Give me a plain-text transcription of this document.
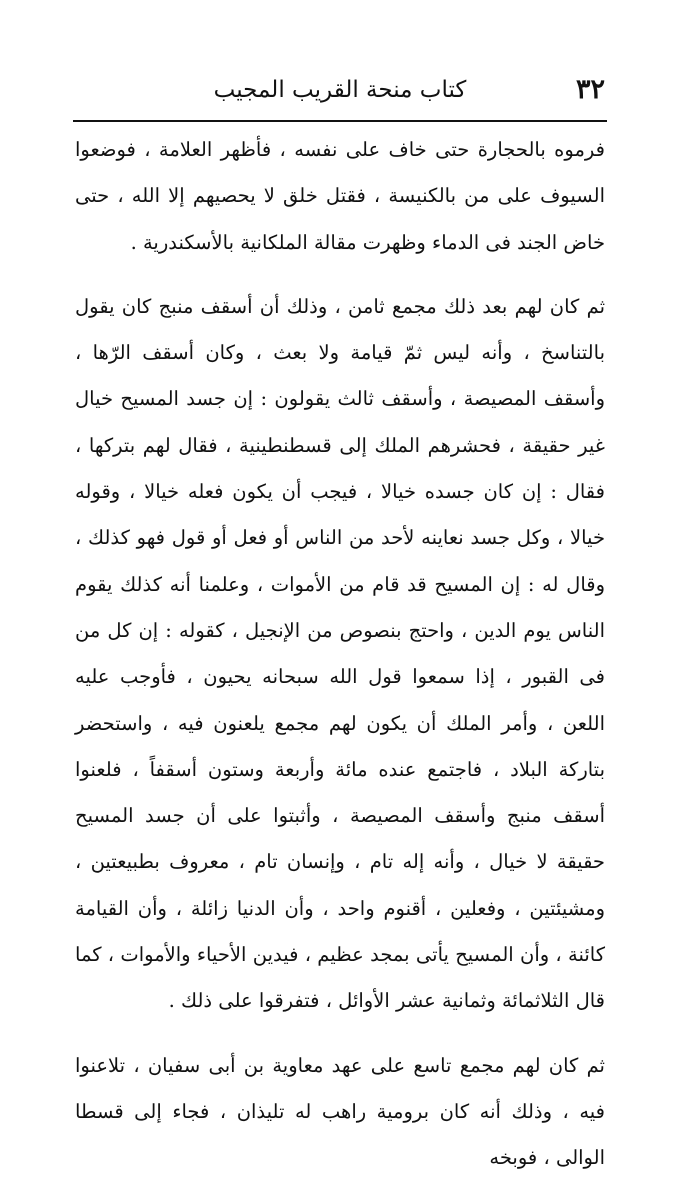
٣٢
كتاب منحة القريب المجيب

فرموه بالحجارة حتى خاف على نفسه ، فأظهر العلامة ، فوضعوا السيوف على من بالكنيسة ، فقتل خلق لا يحصيهم إلا الله ، حتى خاض الجند فى الدماء وظهرت مقالة الملكانية بالأسكندرية .

ثم كان لهم بعد ذلك مجمع ثامن ، وذلك أن أسقف منبج كان يقول بالتناسخ ، وأنه ليس ثمّ قيامة ولا بعث ، وكان أسقف الرّها ، وأسقف المصيصة ، وأسقف ثالث يقولون : إن جسد المسيح خيال غير حقيقة ، فحشرهم الملك إلى قسطنطينية ، فقال لهم بتركها ، فقال : إن كان جسده خيالا ، فيجب أن يكون فعله خيالا ، وقوله خيالا ، وكل جسد نعاينه لأحد من الناس أو فعل أو قول فهو كذلك ، وقال له : إن المسيح قد قام من الأموات ، وعلمنا أنه كذلك يقوم الناس يوم الدين ، واحتج بنصوص من الإنجيل ، كقوله : إن كل من فى القبور ، إذا سمعوا قول الله سبحانه يحيون ، فأوجب عليه اللعن ، وأمر الملك أن يكون لهم مجمع يلعنون فيه ، واستحضر بتاركة البلاد ، فاجتمع عنده مائة وأربعة وستون أسقفاً ، فلعنوا أسقف منبج وأسقف المصيصة ، وأثبتوا على أن جسد المسيح حقيقة لا خيال ، وأنه إله تام ، وإنسان تام ، معروف بطبيعتين ، ومشيئتين ، وفعلين ، أقنوم واحد ، وأن الدنيا زائلة ، وأن القيامة كائنة ، وأن المسيح يأتى بمجد عظيم ، فيدين الأحياء والأموات ، كما قال الثلاثمائة وثمانية عشر الأوائل ، فتفرقوا على ذلك .

ثم كان لهم مجمع تاسع على عهد معاوية بن أبى سفيان ، تلاعنوا فيه ، وذلك أنه كان برومية راهب له تليذان ، فجاء إلى قسطا الوالى ، فوبخه
